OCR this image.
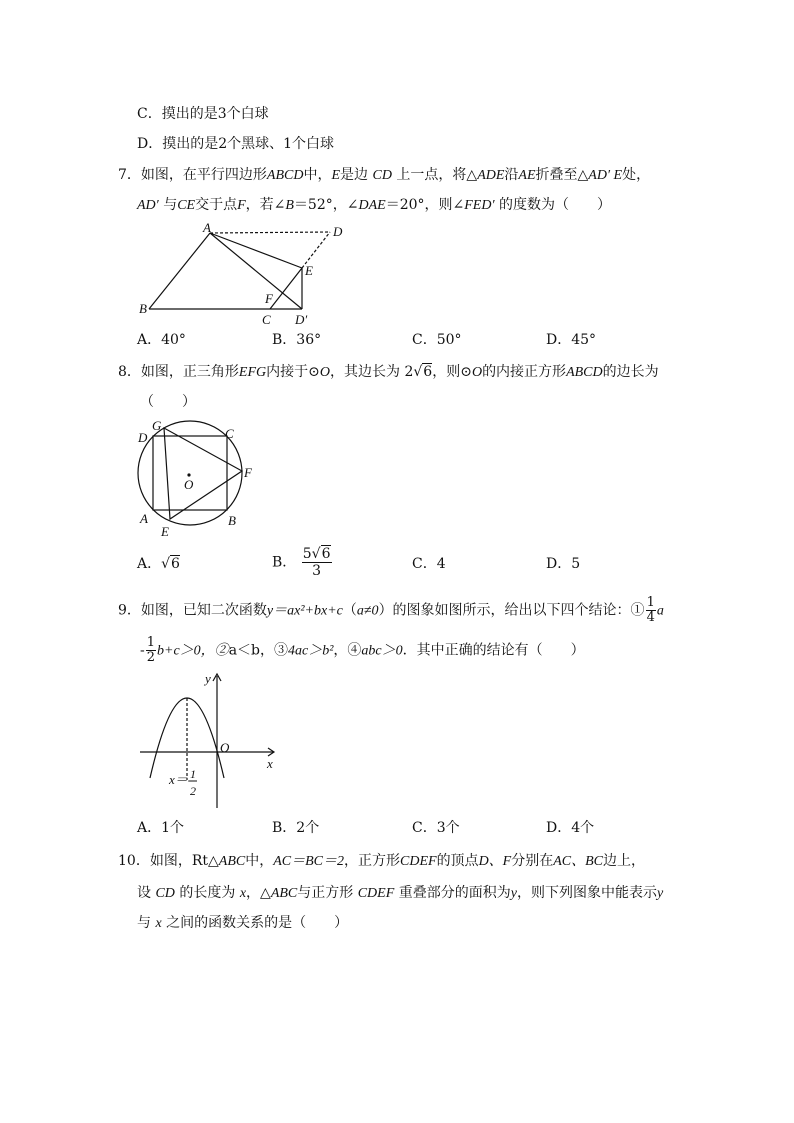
C．摸出的是3个白球
D．摸出的是2个黑球、1个白球
7．如图，在平行四边形ABCD中，E是边 CD 上一点，将△ADE沿AE折叠至△AD′ E处，
AD′ 与CE交于点F，若∠B＝52°，∠DAE＝20°，则∠FED′ 的度数为（　　）
A	D
E
F
B
C D′
A．40°	B．36°	C．50°	D．45°
8．如图，正三角形EFG内接于⊙O，其边长为 2√6，则⊙O的内接正方形ABCD的边长为
（　　）
G
D	C
F
O
A	B
E
A．√6	B． $\frac{5√6}{3}$	C．4	D．5
9．如图，已知二次函数y＝ax²+bx+c（a≠0）的图象如图所示，给出以下四个结论：① $\frac{1}{4}$ a
- $\frac{1}{2} b+c>0$，②a＜b，③4ac＞b²，④abc＞0．其中正确的结论有（　　）
y
x
O
x＝-
1
2
A．1个	B．2个	C．3个	D．4个
10．如图，Rt△ABC中，AC＝BC＝2，正方形CDEF的顶点D、F分别在AC、BC边上，
设 CD 的长度为 x，△ABC与正方形 CDEF 重叠部分的面积为y，则下列图象中能表示y
与 x 之间的函数关系的是（　　）
